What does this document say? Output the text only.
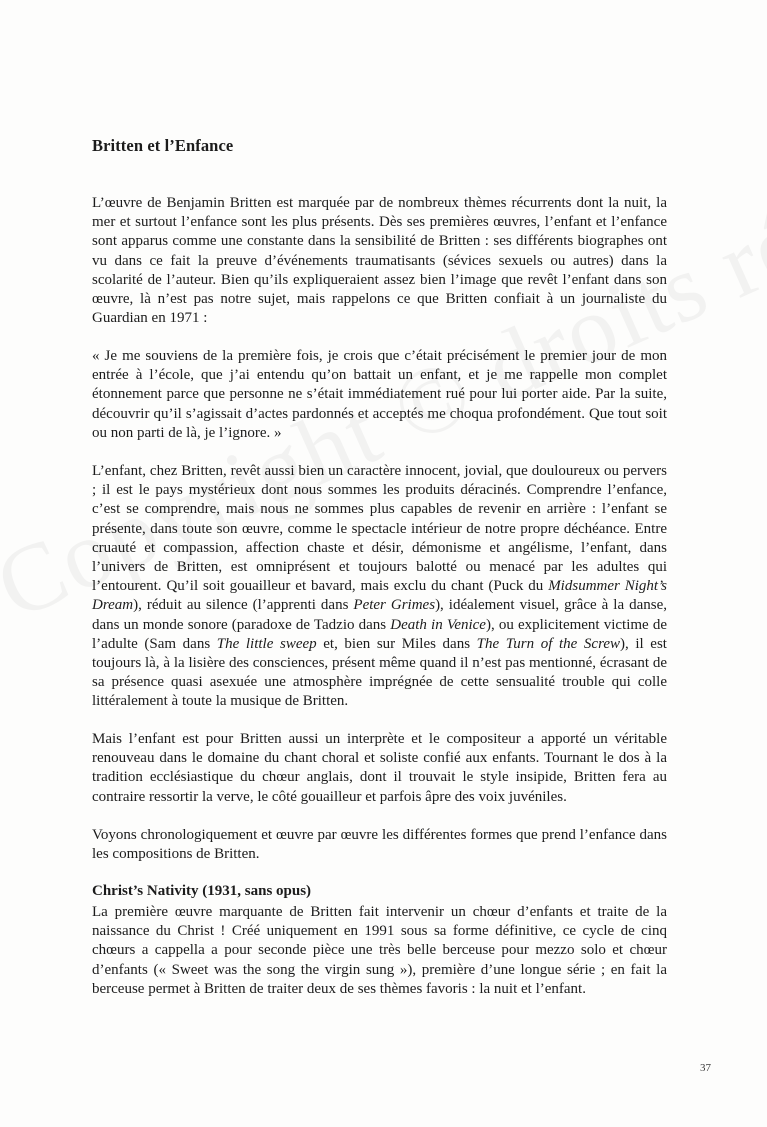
Britten et l’Enfance

L’œuvre de Benjamin Britten est marquée par de nombreux thèmes récurrents dont la nuit, la mer et surtout l’enfance sont les plus présents. Dès ses premières œuvres, l’enfant et l’enfance sont apparus comme une constante dans la sensibilité de Britten : ses différents biographes ont vu dans ce fait la preuve d’événements traumatisants (sévices sexuels ou autres) dans la scolarité de l’auteur. Bien qu’ils expliqueraient assez bien l’image que revêt l’enfant dans son œuvre, là n’est pas notre sujet, mais rappelons ce que Britten confiait à un journaliste du Guardian en 1971 :

« Je me souviens de la première fois, je crois que c’était précisément le premier jour de mon entrée à l’école, que j’ai entendu qu’on battait un enfant, et je me rappelle mon complet étonnement parce que personne ne s’était immédiatement rué pour lui porter aide. Par la suite, découvrir qu’il s’agissait d’actes pardonnés et acceptés me choqua profondément. Que tout soit ou non parti de là, je l’ignore. »

L’enfant, chez Britten, revêt aussi bien un caractère innocent, jovial, que douloureux ou pervers ; il est le pays mystérieux dont nous sommes les produits déracinés. Comprendre l’enfance, c’est se comprendre, mais nous ne sommes plus capables de revenir en arrière : l’enfant se présente, dans toute son œuvre, comme le spectacle intérieur de notre propre déchéance. Entre cruauté et compassion, affection chaste et désir, démonisme et angélisme, l’enfant, dans l’univers de Britten, est omniprésent et toujours balotté ou menacé par les adultes qui l’entourent. Qu’il soit gouailleur et bavard, mais exclu du chant (Puck du Midsummer Night’s Dream), réduit au silence (l’apprenti dans Peter Grimes), idéalement visuel, grâce à la danse, dans un monde sonore (paradoxe de Tadzio dans Death in Venice), ou explicitement victime de l’adulte (Sam dans The little sweep et, bien sur Miles dans The Turn of the Screw), il est toujours là, à la lisière des consciences, présent même quand il n’est pas mentionné, écrasant de sa présence quasi asexuée une atmosphère imprégnée de cette sensualité trouble qui colle littéralement à toute la musique de Britten.

Mais l’enfant est pour Britten aussi un interprète et le compositeur a apporté un véritable renouveau dans le domaine du chant choral et soliste confié aux enfants. Tournant le dos à la tradition ecclésiastique du chœur anglais, dont il trouvait le style insipide, Britten fera au contraire ressortir la verve, le côté gouailleur et parfois âpre des voix juvéniles.

Voyons chronologiquement et œuvre par œuvre les différentes formes que prend l’enfance dans les compositions de Britten.

Christ’s Nativity (1931, sans opus)

La première œuvre marquante de Britten fait intervenir un chœur d’enfants et traite de la naissance du Christ ! Créé uniquement en 1991 sous sa forme définitive, ce cycle de cinq chœurs a cappella a pour seconde pièce une très belle berceuse pour mezzo solo et chœur d’enfants (« Sweet was the song the virgin sung »), première d’une longue série ; en fait la berceuse permet à Britten de traiter deux de ses thèmes favoris : la nuit et l’enfant.

37
